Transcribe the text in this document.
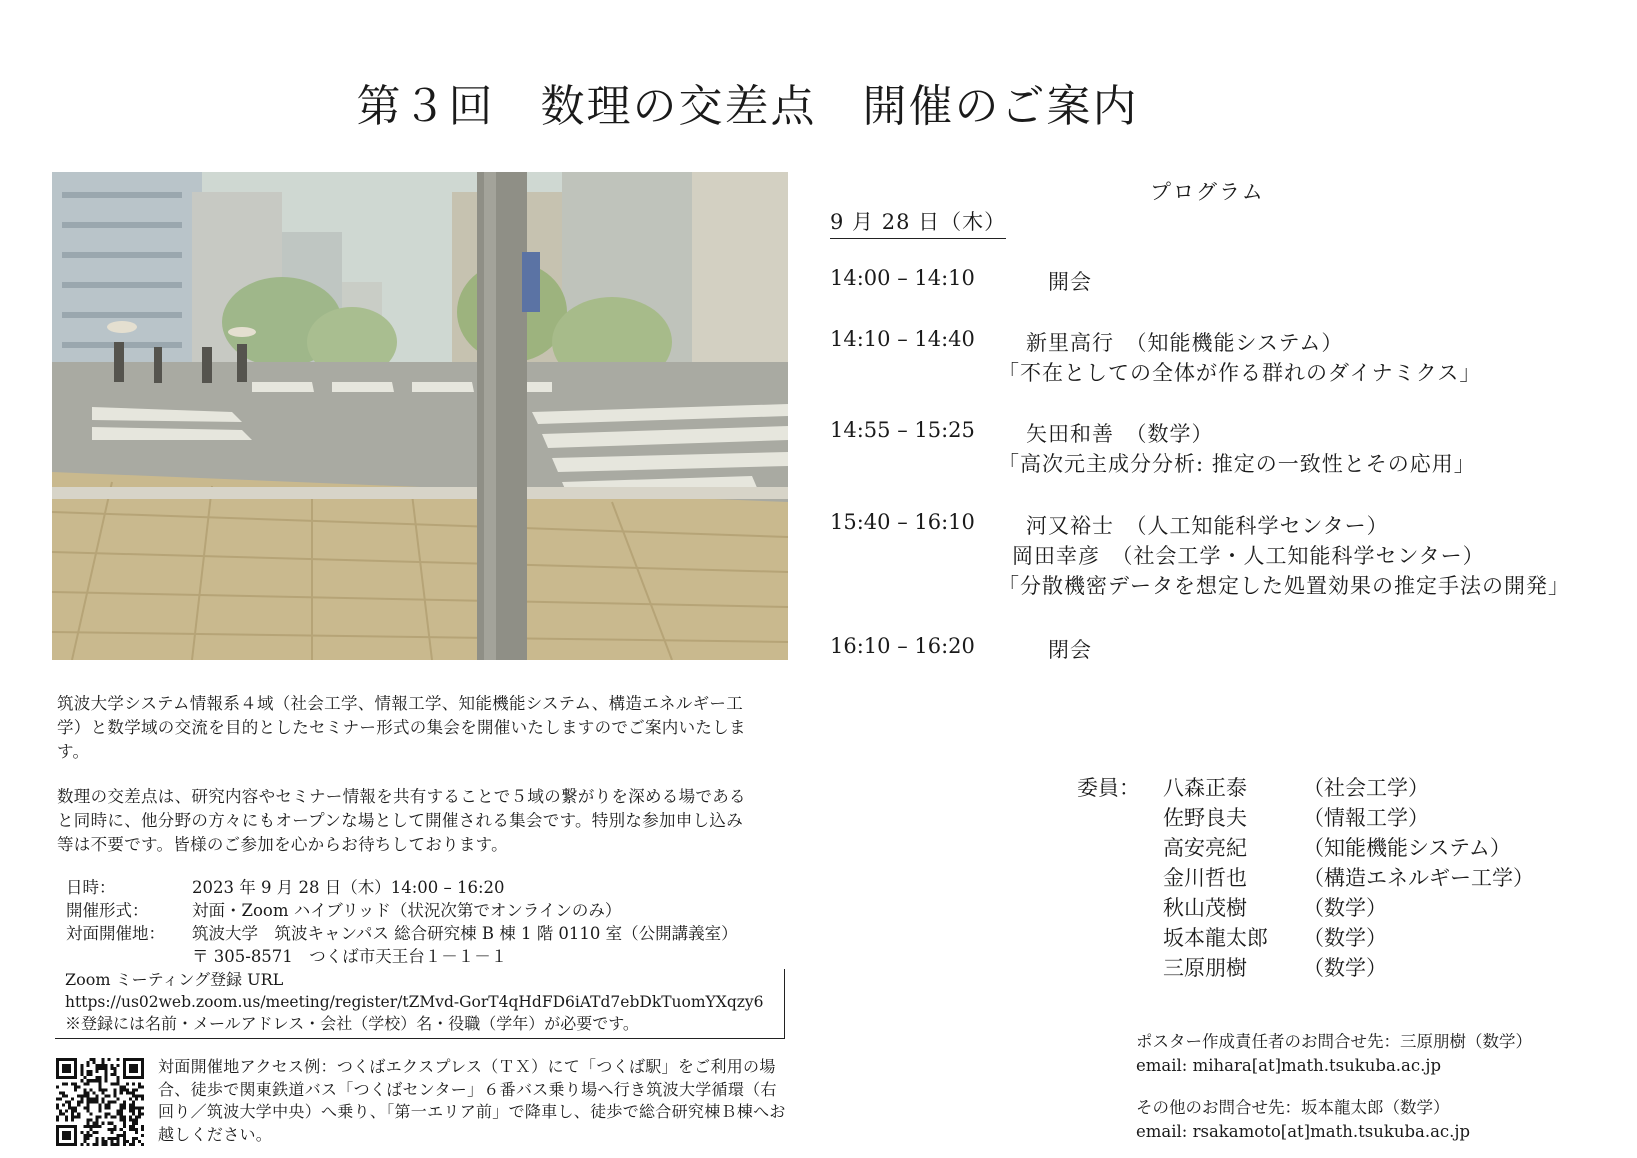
第３回　数理の交差点　開催のご案内
筑波大学システム情報系４域（社会工学、情報工学、知能機能システム、構造エネルギー工学）と数学域の交流を目的としたセミナー形式の集会を開催いたしますのでご案内いたします。
数理の交差点は、研究内容やセミナー情報を共有することで５域の繋がりを深める場であると同時に、他分野の方々にもオープンな場として開催される集会です。特別な参加申し込み等は不要です。皆様のご参加を心からお待ちしております。
日時：	2023 年 9 月 28 日（木）14:00 – 16:20
開催形式：	対面・Zoom ハイブリッド（状況次第でオンラインのみ）
対面開催地：	筑波大学　筑波キャンパス 総合研究棟 B 棟 1 階 0110 室（公開講義室）
〒 305-8571　つくば市天王台１－１－１
Zoom ミーティング登録 URL
https://us02web.zoom.us/meeting/register/tZMvd-GorT4qHdFD6iATd7ebDkTuomYXqzy6
※登録には名前・メールアドレス・会社（学校）名・役職（学年）が必要です。
対面開催地アクセス例：つくばエクスプレス（ＴＸ）にて「つくば駅」をご利用の場合、徒歩で関東鉄道バス「つくばセンター」６番バス乗り場へ行き筑波大学循環（右回り／筑波大学中央）へ乗り、「第一エリア前」で降車し、徒歩で総合研究棟Ｂ棟へお越しください。
プログラム
9 月 28 日（木）
14:00 – 14:10	開会
14:10 – 14:40 新里高行　（知能機能システム）
「不在としての全体が作る群れのダイナミクス」
14:55 – 15:25 矢田和善　（数学）
「高次元主成分分析: 推定の一致性とその応用」
15:40 – 16:10 河又裕士　（人工知能科学センター）
岡田幸彦　（社会工学・人工知能科学センター）
「分散機密データを想定した処置効果の推定手法の開発」
16:10 – 16:20	閉会
委員： 八森正泰	（社会工学）
佐野良夫	（情報工学）
高安亮紀	（知能機能システム）
金川哲也	（構造エネルギー工学）
秋山茂樹	（数学）
坂本龍太郎 （数学）
三原朋樹	（数学）
ポスター作成責任者のお問合せ先：三原朋樹（数学）
email: mihara[at]math.tsukuba.ac.jp
その他のお問合せ先：坂本龍太郎（数学）
email: rsakamoto[at]math.tsukuba.ac.jp
